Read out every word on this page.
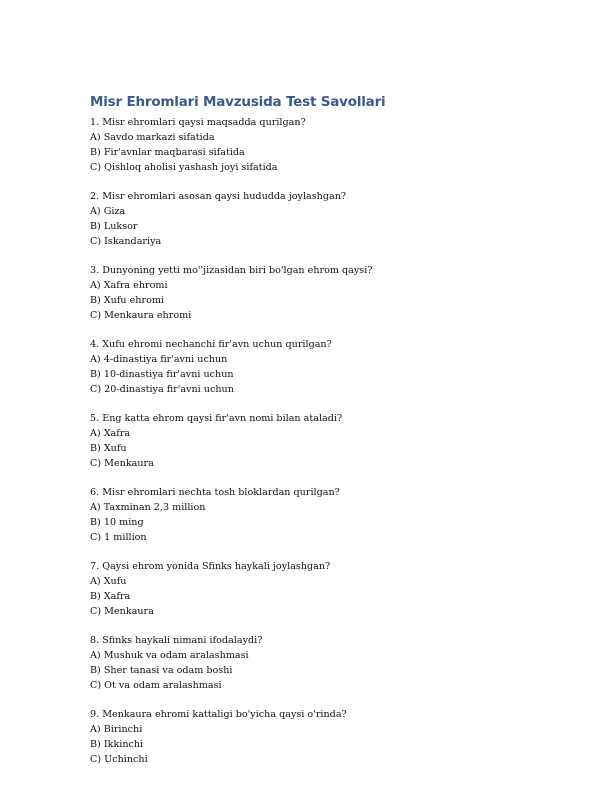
Misr Ehromlari Mavzusida Test Savollari
1. Misr ehromlari qaysi maqsadda qurilgan?
A) Savdo markazi sifatida
B) Fir'avnlar maqbarasi sifatida
C) Qishloq aholisi yashash joyi sifatida
2. Misr ehromlari asosan qaysi hududda joylashgan?
A) Giza
B) Luksor
C) Iskandariya
3. Dunyoning yetti mo''jizasidan biri bo'lgan ehrom qaysi?
A) Xafra ehromi
B) Xufu ehromi
C) Menkaura ehromi
4. Xufu ehromi nechanchi fir'avn uchun qurilgan?
A) 4-dinastiya fir'avni uchun
B) 10-dinastiya fir'avni uchun
C) 20-dinastiya fir'avni uchun
5. Eng katta ehrom qaysi fir'avn nomi bilan ataladi?
A) Xafra
B) Xufu
C) Menkaura
6. Misr ehromlari nechta tosh bloklardan qurilgan?
A) Taxminan 2,3 million
B) 10 ming
C) 1 million
7. Qaysi ehrom yonida Sfinks haykali joylashgan?
A) Xufu
B) Xafra
C) Menkaura
8. Sfinks haykali nimani ifodalaydi?
A) Mushuk va odam aralashmasi
B) Sher tanasi va odam boshi
C) Ot va odam aralashmasi
9. Menkaura ehromi kattaligi bo'yicha qaysi o'rinda?
A) Birinchi
B) Ikkinchi
C) Uchinchi
